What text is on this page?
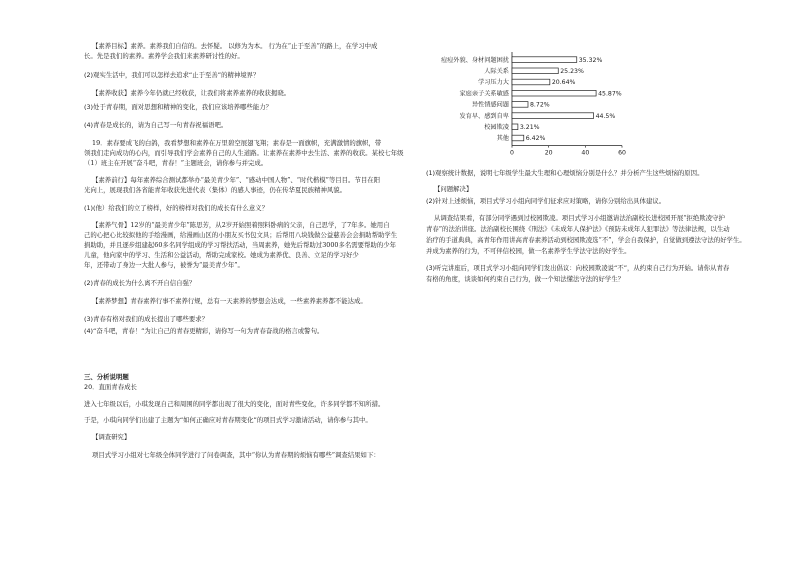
【素养目标】素养。素养我们自信的。去怀疑。 以修为为本。 行为在“止于至善”的路上，在学习中成
长。先是我们的素养。素养学会我们来素养研讨性的好。
(2)观实生活中，我们可以怎样去追求“止于至善”的精神境界？
【素养收获】素养今年仍就已经收获，让我们将素养素养的收获揭晓。
(3)处于青春期，面对思想和精神的变化，我们应该培养哪些能力？
(4)青春是成长的，请为自己写一句青春祝福语吧。
19．素春要成飞的白鸽，我看梦想和素养在万里碧空展翅飞翔；素春是一面旗帜，充满激情的旗帜，带
领我们走向成功的心内，而引导我们学会素养自己的人生道路。让素养在素养中去生活、素养的收获。某校七年级
（1）班主在开展“奋斗吧，青春！”主题班会，请你参与并完成。
【素养前行】每年素养综合测试都举办“最美青少年”、“感动中国人物”、“时代楷模”等目目。节目在阳
光向上，展现我们各省能青年收获先进代表（集体）的感人事迹，仍在传华夏民族精神风貌。
(1)(他）给我们的立了榜样，好的榜样对我们的成长有什么意义？
【素养气骨】12岁的“最美青少年”陈思芳，从2岁开始照着照料卧病的父亲，自己思学，了7年多。她用自
己的心把心比较拟他的手绘漫画，给漫画山区的小朋友买书包文具；后帮用八块钱做公益慈善会会捐助帮助学生
捐助助，并且逐步组建起60多名同学组成的学习帮扶活动，当周素养，她先后帮助过3000多名需要帮助的少年
儿童，他向家中的学习、生活和公益活动，帮助完成家校。她成为素养优、良善、立足的学习好少
年，还带动了身边一大批人参与，被誉为“最美青少年”。
(2)青春的成长为什么离不开自信自强？
【素养梦想】青春素养行事不素养行规，总有一天素养的梦想会达成，一些素养素养都不能达成。
(3)青春有格对我们的成长提出了哪些要求？
(4)“奋斗吧，青春！”为让自己的青春更精彩，请你写一句为青春奋战的格言或警句。
三、分析说明题
20．直面青春成长
进入七年级以后，小琪发现自己和周围的同学都出现了很大的变化，面对青些变化，许多同学都不知所措。
于是，小琪向同学们出建了主题为“如何正确应对青春期变化”的项目式学习激请活动，请你参与其中。
【调查研究】
项目式学习小组对七年级全体同学进行了问卷调查，其中“你认为青春期的烦恼有哪些”调查结果如下：
(1)观察统计数据，说明七年级学生最大生理和心理烦恼分别是什么？并分析产生这些烦恼的原因。
【问题解决】
(2)针对上述烦恼，项目式学习小组向同学们征求应对策略，请你分别给出具体建议。
从调查结果看，有部分同学遇到过校园欺凌。项目式学习小组邀请法治副校长进校园开展“拒绝欺凌守护
青春”的法治讲座。法治副校长围绕《刑法》《未成年人保护法》《预防未成年人犯罪法》等法律法规，以生动
治疗的手道典典，高青年作用讲高青春素养活动到校园欺凌选“不”，学会自我保护，自觉做到遵法守法的好学生。
并成为素养的行为，不可伴信校园，做一名素养学生学法守法的好学生。
(3)听完讲座后，项目式学习小组向同学们发出倡议：向校园欺凌说“不”，从约束自己行为开始。请你从青春
有格的角度，谈谈如何约束自己行为，做一个知法懂法守法的好学生？
痘痘外貌、身材问题困扰	35.32%
人际关系	25.23%
学习压力大	20.64%
家庭亲子关系敏感	45.87%
异性情感问题	8.72%
发育早、感到自卑	44.5%
校园欺凌 3.21%
其他	6.42%
0	20	40	60
